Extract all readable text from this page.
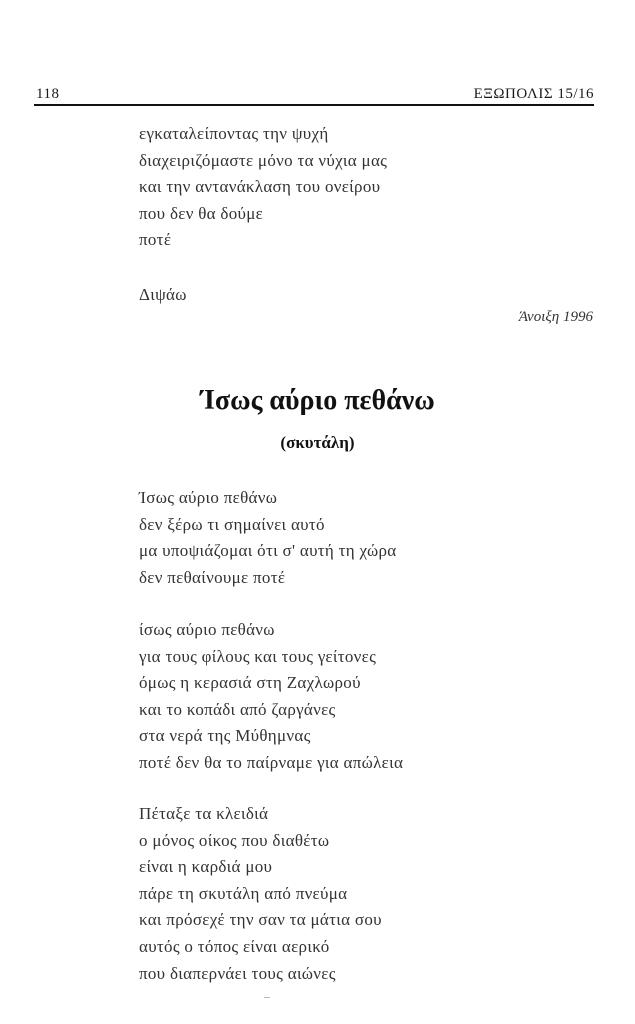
118	ΕΞΩΠΟΛΙΣ 15/16
εγκαταλείποντας την ψυχή
διαχειριζόμαστε μόνο τα νύχια μας
και την αντανάκλαση του ονείρου
που δεν θα δούμε
ποτέ
Διψάω
Άνοιξη 1996
Ίσως αύριο πεθάνω
(σκυτάλη)
Ίσως αύριο πεθάνω
δεν ξέρω τι σημαίνει αυτό
μα υποψιάζομαι ότι σ' αυτή τη χώρα
δεν πεθαίνουμε ποτέ
ίσως αύριο πεθάνω
για τους φίλους και τους γείτονες
όμως η κερασιά στη Ζαχλωρού
και το κοπάδι από ζαργάνες
στα νερά της Μύθημνας
ποτέ δεν θα το παίρναμε για απώλεια
Πέταξε τα κλειδιά
ο μόνος οίκος που διαθέτω
είναι η καρδιά μου
πάρε τη σκυτάλη από πνεύμα
και πρόσεχέ την σαν τα μάτια σου
αυτός ο τόπος είναι αερικό
που διαπερνάει τους αιώνες
